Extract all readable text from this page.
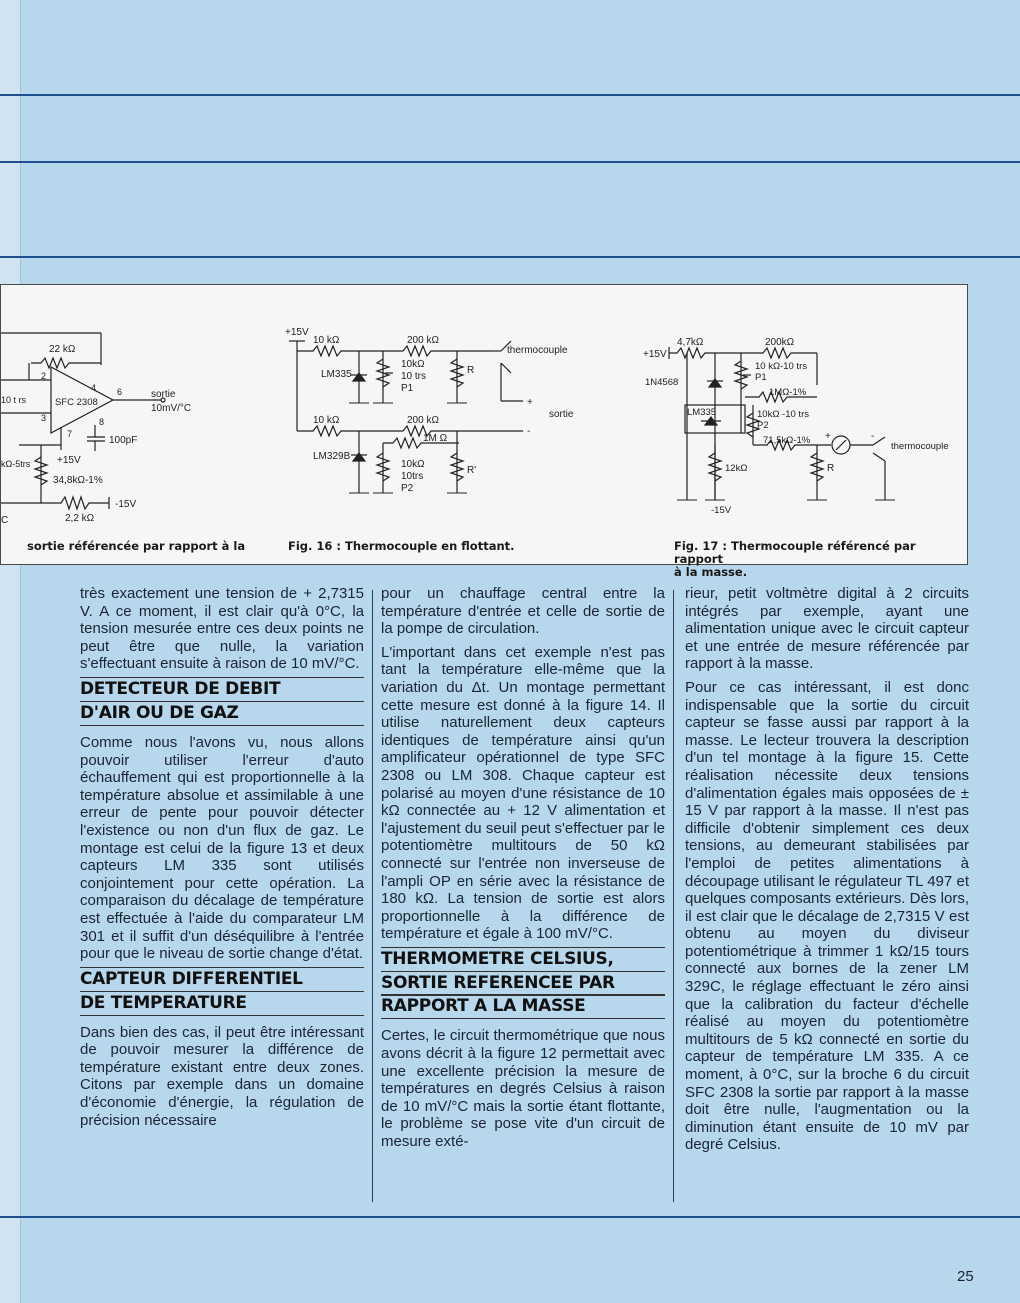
22 kΩ
10 t rs	SFC 2308
2
3
4 6
7
8
sortie
10mV/°C
100pF
+15V
kΩ-5trs
34,8kΩ-1%
2,2 kΩ
-15V
C
sortie référencée par rapport à la
+15V
10 kΩ	200 kΩ
thermocouple
LM335
10kΩ
10 trs
P1
R
+
sortie
10 kΩ	200 kΩ
-
1M Ω
LM329B
10kΩ
10trs
P2
R'
Fig. 16 : Thermocouple en flottant.
+15V
4,7kΩ	200kΩ
10 kΩ-10 trs
P1
1N4568
1MΩ-1%
LM335	10kΩ -10 trs
P2
71,5kΩ-1% +	-
thermocouple
12kΩ	R
-15V
Fig. 17 : Thermocouple référencé par rapport
à la masse.

très exactement une tension de + 2,7315 V. A ce moment, il est clair qu'à 0°C, la tension mesurée entre ces deux points ne peut être que nulle, la variation s'effectuant ensuite à raison de 10 mV/°C.

DETECTEUR DE DEBIT
D'AIR OU DE GAZ

Comme nous l'avons vu, nous allons pouvoir utiliser l'erreur d'auto échauffement qui est proportionnelle à la température absolue et assimilable à une erreur de pente pour pouvoir détecter l'existence ou non d'un flux de gaz. Le montage est celui de la figure 13 et deux capteurs LM 335 sont utilisés conjointement pour cette opération. La comparaison du décalage de température est effectuée à l'aide du comparateur LM 301 et il suffit d'un déséquilibre à l'entrée pour que le niveau de sortie change d'état.

CAPTEUR DIFFERENTIEL
DE TEMPERATURE

Dans bien des cas, il peut être intéressant de pouvoir mesurer la différence de température existant entre deux zones. Citons par exemple dans un domaine d'économie d'énergie, la régulation de précision nécessaire

pour un chauffage central entre la température d'entrée et celle de sortie de la pompe de circulation.

L'important dans cet exemple n'est pas tant la température elle-même que la variation du Δt. Un montage permettant cette mesure est donné à la figure 14. Il utilise naturellement deux capteurs identiques de température ainsi qu'un amplificateur opérationnel de type SFC 2308 ou LM 308. Chaque capteur est polarisé au moyen d'une résistance de 10 kΩ connectée au + 12 V alimentation et l'ajustement du seuil peut s'effectuer par le potentiomètre multitours de 50 kΩ connecté sur l'entrée non inverseuse de l'ampli OP en série avec la résistance de 180 kΩ. La tension de sortie est alors proportionnelle à la différence de température et égale à 100 mV/°C.

THERMOMETRE CELSIUS,
SORTIE REFERENCEE PAR
RAPPORT A LA MASSE

Certes, le circuit thermométrique que nous avons décrit à la figure 12 permettait avec une excellente précision la mesure de températures en degrés Celsius à raison de 10 mV/°C mais la sortie étant flottante, le problème se pose vite d'un circuit de mesure exté-

rieur, petit voltmètre digital à 2 circuits intégrés par exemple, ayant une alimentation unique avec le circuit capteur et une entrée de mesure référencée par rapport à la masse.

Pour ce cas intéressant, il est donc indispensable que la sortie du circuit capteur se fasse aussi par rapport à la masse. Le lecteur trouvera la description d'un tel montage à la figure 15. Cette réalisation nécessite deux tensions d'alimentation égales mais opposées de ± 15 V par rapport à la masse. Il n'est pas difficile d'obtenir simplement ces deux tensions, au demeurant stabilisées par l'emploi de petites alimentations à découpage utilisant le régulateur TL 497 et quelques composants extérieurs. Dès lors, il est clair que le décalage de 2,7315 V est obtenu au moyen du diviseur potentiométrique à trimmer 1 kΩ/15 tours connecté aux bornes de la zener LM 329C, le réglage effectuant le zéro ainsi que la calibration du facteur d'échelle réalisé au moyen du potentiomètre multitours de 5 kΩ connecté en sortie du capteur de température LM 335. A ce moment, à 0°C, sur la broche 6 du circuit SFC 2308 la sortie par rapport à la masse doit être nulle, l'augmentation ou la diminution étant ensuite de 10 mV par degré Celsius.

25
